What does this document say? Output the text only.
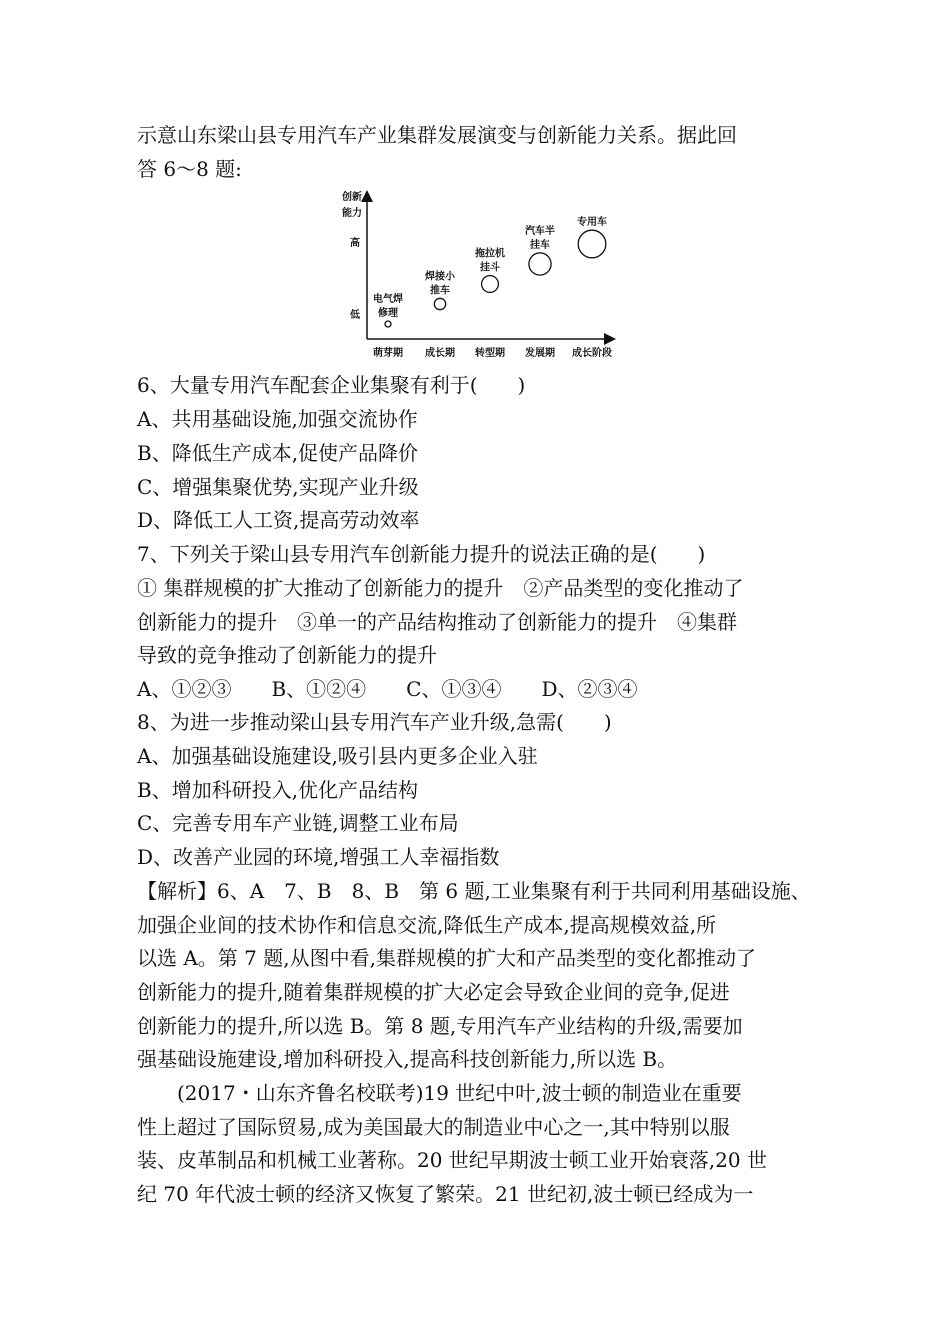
示意山东梁山县专用汽车产业集群发展演变与创新能力关系。据此回
答 6～8 题:
创新
能力
高
低
萌芽期 成长期 转型期 发展期 成长阶段
电气焊
修理
焊接小
推车
拖拉机
挂斗
汽车半
挂车
专用车
6、大量专用汽车配套企业集聚有利于(　　)
A、共用基础设施,加强交流协作
B、降低生产成本,促使产品降价
C、增强集聚优势,实现产业升级
D、降低工人工资,提高劳动效率
7、下列关于梁山县专用汽车创新能力提升的说法正确的是(　　)
① 集群规模的扩大推动了创新能力的提升　②产品类型的变化推动了
创新能力的提升　③单一的产品结构推动了创新能力的提升　④集群
导致的竞争推动了创新能力的提升
A、①②③　　B、①②④　　C、①③④　　D、②③④
8、为进一步推动梁山县专用汽车产业升级,急需(　　)
A、加强基础设施建设,吸引县内更多企业入驻
B、增加科研投入,优化产品结构
C、完善专用车产业链,调整工业布局
D、改善产业园的环境,增强工人幸福指数
【解析】6、A　7、B　8、B　第 6 题,工业集聚有利于共同利用基础设施、
加强企业间的技术协作和信息交流,降低生产成本,提高规模效益,所
以选 A。第 7 题,从图中看,集群规模的扩大和产品类型的变化都推动了
创新能力的提升,随着集群规模的扩大必定会导致企业间的竞争,促进
创新能力的提升,所以选 B。第 8 题,专用汽车产业结构的升级,需要加
强基础设施建设,增加科研投入,提高科技创新能力,所以选 B。
　　(2017・山东齐鲁名校联考)19 世纪中叶,波士顿的制造业在重要
性上超过了国际贸易,成为美国最大的制造业中心之一,其中特别以服
装、皮革制品和机械工业著称。20 世纪早期波士顿工业开始衰落,20 世
纪 70 年代波士顿的经济又恢复了繁荣。21 世纪初,波士顿已经成为一
